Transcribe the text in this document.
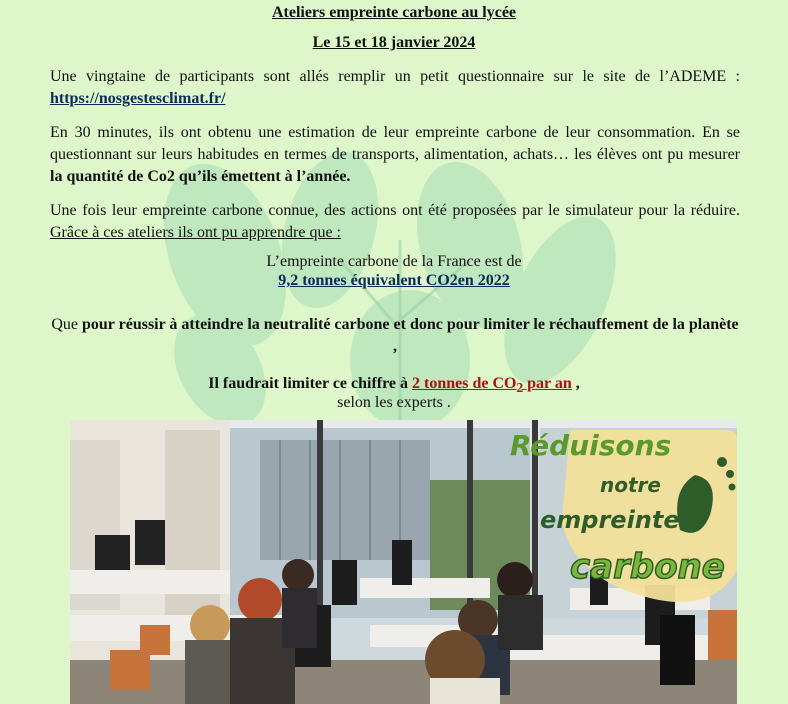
Ateliers empreinte carbone au lycée
Le 15 et 18 janvier 2024
Une vingtaine de participants sont allés remplir un petit questionnaire sur le site de l’ADEME : https://nosgestesclimat.fr/
En 30 minutes, ils ont obtenu une estimation de leur empreinte carbone de leur consommation. En se questionnant sur leurs habitudes en termes de transports, alimentation, achats… les élèves ont pu mesurer la quantité de Co2 qu’ils émettent à l’année.
Une fois leur empreinte carbone connue, des actions ont été proposées par le simulateur pour la réduire. Grâce à ces ateliers ils ont pu apprendre que :
L’empreinte carbone de la France est de
9,2 tonnes équivalent CO2en 2022
Que pour réussir à atteindre la neutralité carbone et donc pour limiter le réchauffement de la planète ,
Il faudrait limiter ce chiffre à 2 tonnes de $CO_2$ par an ,
selon les experts .
Réduisons
notre
empreinte
carbone
